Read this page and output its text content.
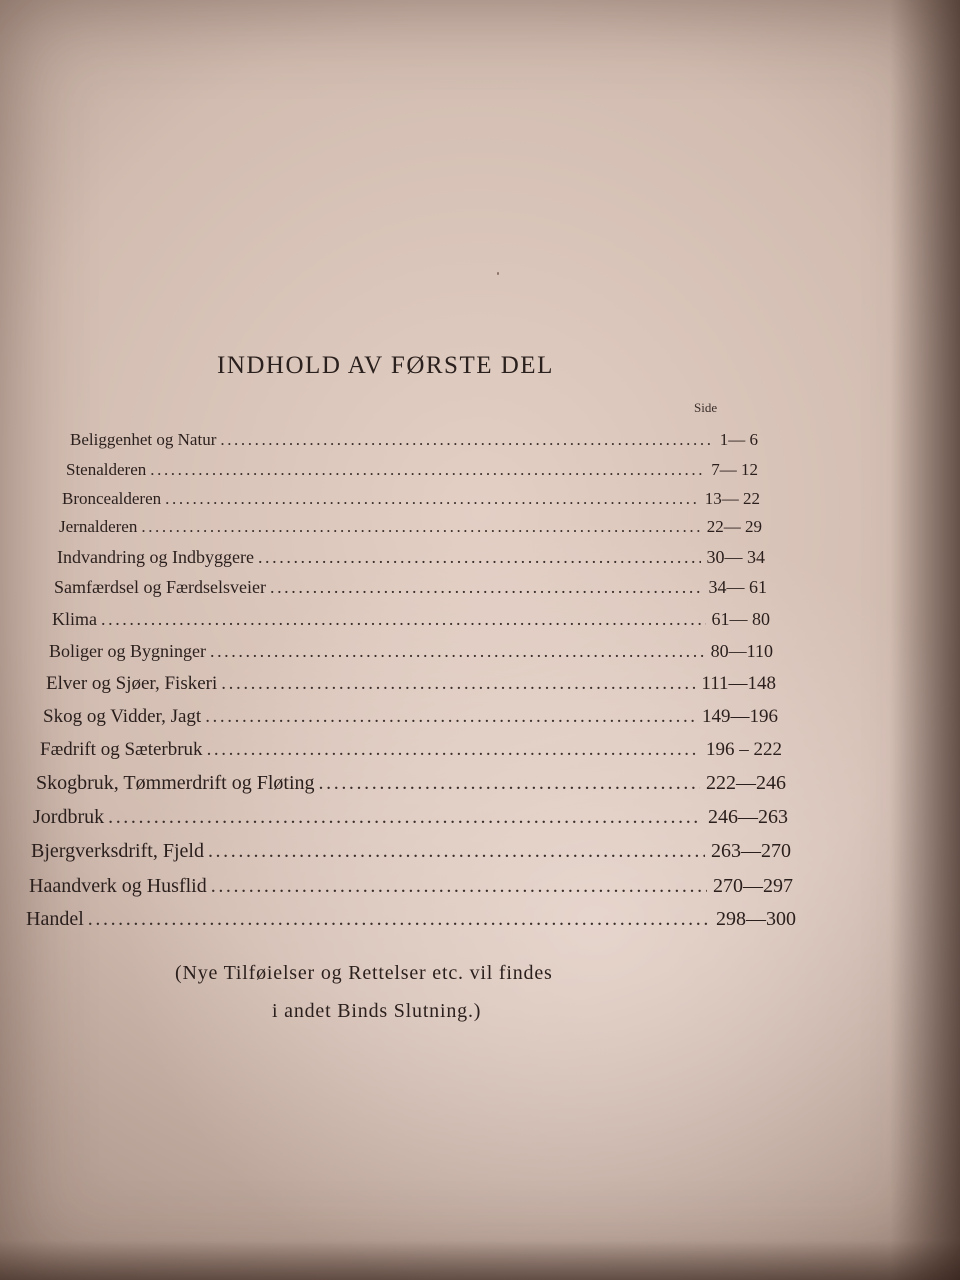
INDHOLD AV FØRSTE DEL
Side
Beliggenhet og Natur .....	1— 6
Stenalderen .....	7— 12
Broncealderen .....	13— 22
Jernalderen .....	22— 29
Indvandring og Indbyggere .....	30— 34
Samfærdsel og Færdselsveier .....	34— 61
Klima .....	61— 80
Boliger og Bygninger .....	80—110
Elver og Sjøer, Fiskeri .....	111—148
Skog og Vidder, Jagt .....	149—196
Fædrift og Sæterbruk .....	196 – 222
Skogbruk, Tømmerdrift og Fløting .....	222—246
Jordbruk .....	246—263
Bjergverksdrift, Fjeld .....	263—270
Haandverk og Husflid .....	270—297
Handel .....	298—300
(Nye Tilføielser og Rettelser etc. vil findes
i andet Binds Slutning.)
